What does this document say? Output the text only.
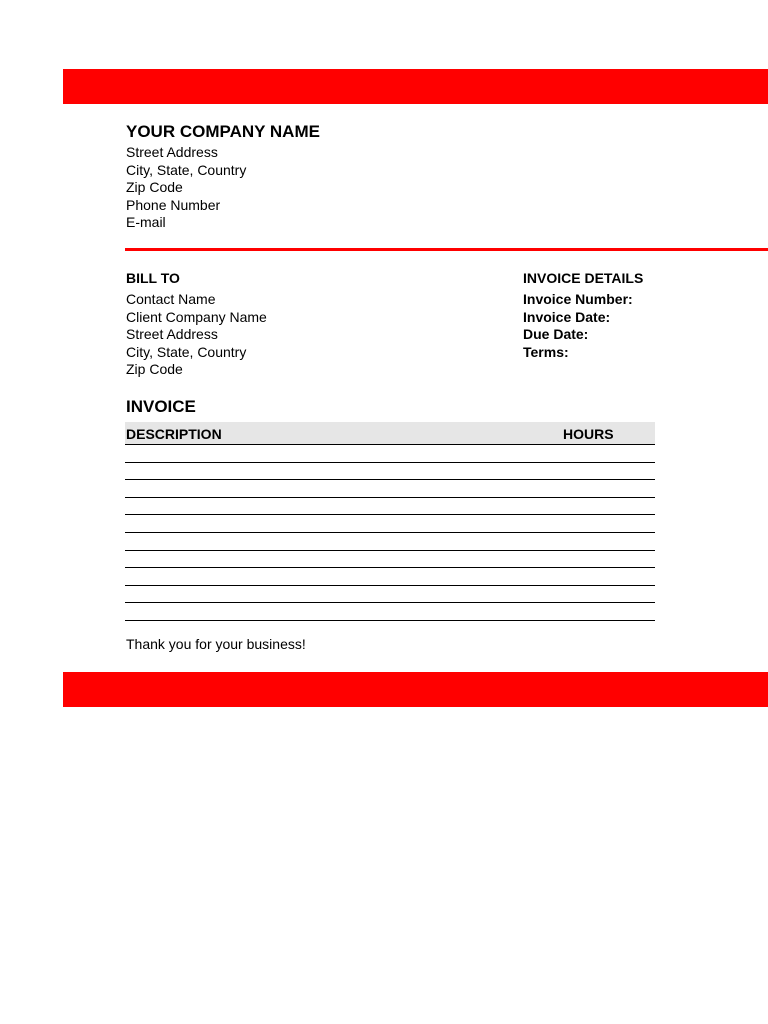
YOUR COMPANY NAME
Street Address
City, State, Country
Zip Code
Phone Number
E-mail
BILL TO
Contact Name
Client Company Name
Street Address
City, State, Country
Zip Code
INVOICE DETAILS
Invoice Number:
Invoice Date:
Due Date:
Terms:
INVOICE
DESCRIPTION	HOURS
Thank you for your business!
